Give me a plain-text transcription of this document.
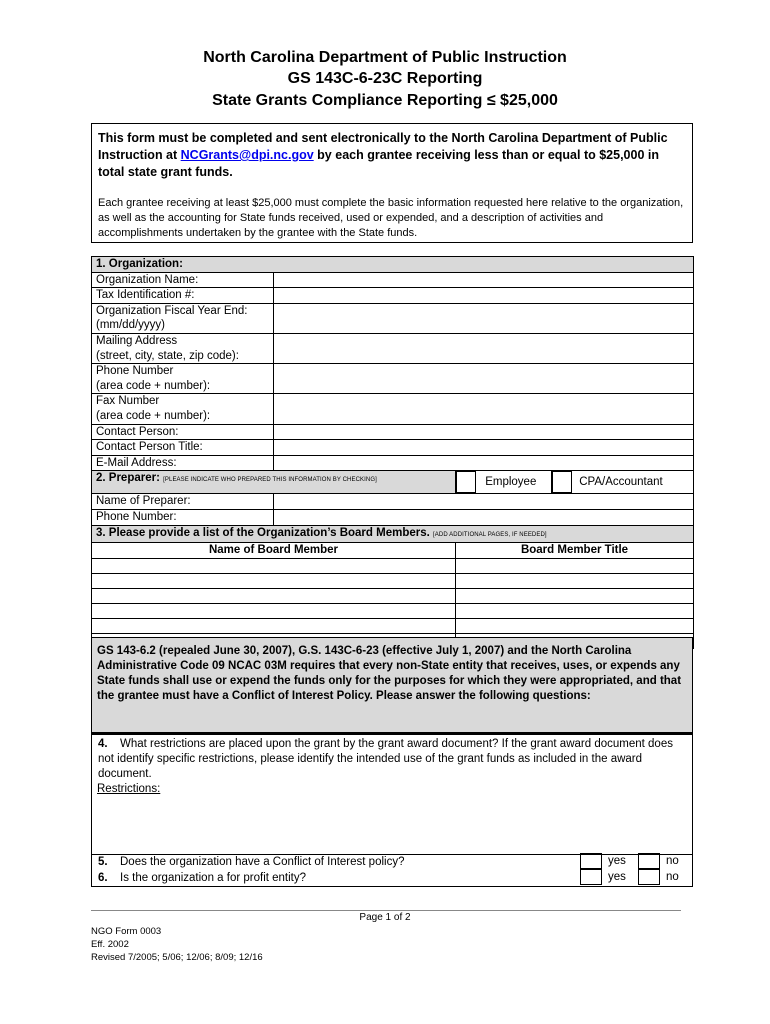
North Carolina Department of Public Instruction
GS 143C-6-23C Reporting
State Grants Compliance Reporting ≤ $25,000
This form must be completed and sent electronically to the North Carolina Department of Public Instruction at NCGrants@dpi.nc.gov by each grantee receiving less than or equal to $25,000 in total state grant funds.
Each grantee receiving at least $25,000 must complete the basic information requested here relative to the organization, as well as the accounting for State funds received, used or expended, and a description of activities and accomplishments undertaken by the grantee with the State funds.
1. Organization:			
Organization Name:			
Tax Identification #:			
Organization Fiscal Year End:
(mm/dd/yyyy)			
Mailing Address
(street, city, state, zip code):			
Phone Number
(area code + number):			
Fax Number
(area code + number):			
Contact Person:			
Contact Person Title:			
E-Mail Address:			
2. Preparer: [PLEASE INDICATE WHO PREPARED THIS INFORMATION BY CHECKING]		Employee	CPA/Accountant
Name of Preparer:			
Phone Number:			
3. Please provide a list of the Organization’s Board Members. [ADD ADDITIONAL PAGES, IF NEEDED]			
Name of Board Member		Board Member Title	

GS 143-6.2 (repealed June 30, 2007), G.S. 143C-6-23 (effective July 1, 2007) and the North Carolina Administrative Code 09 NCAC 03M requires that every non-State entity that receives, uses, or expends any State funds shall use or expend the funds only for the purposes for which they were appropriated, and that the grantee must have a Conflict of Interest Policy. Please answer the following questions:
4. What restrictions are placed upon the grant by the grant award document? If the grant award document does not identify specific restrictions, please identify the intended use of the grant funds as included in the award document.
Restrictions:
5. Does the organization have a Conflict of Interest policy?	yes	no
6. Is the organization a for profit entity?	yes	no
Page 1 of 2
NGO Form 0003
Eff. 2002
Revised 7/2005; 5/06; 12/06; 8/09; 12/16
